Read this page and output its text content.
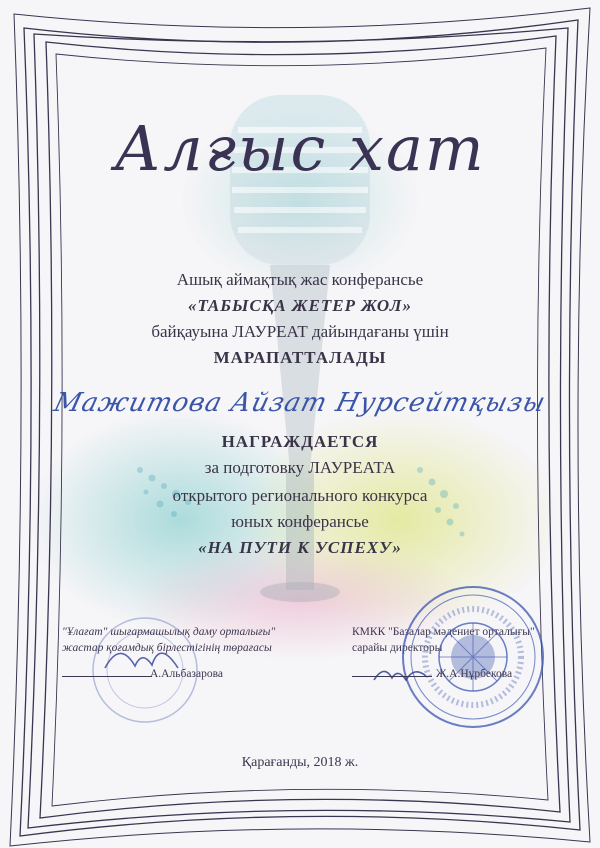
Алғыс хат
Ашық аймақтық жас конферансье
«ТАБЫСҚА ЖЕТЕР ЖОЛ»
байқауына ЛАУРЕАТ дайындағаны үшін
МАРАПАТТАЛАДЫ
Мажитова Айзат Нурсейтқызы
НАГРАЖДАЕТСЯ
за подготовку ЛАУРЕАТА
открытого регионального конкурса
юных конферансье
«НА ПУТИ К УСПЕХУ»
"Ұлағат" шығармашылық даму орталығы"
жастар қоғамдық бірлестігінің төрағасы
А.Альбазарова
КМКК "Базалар мәдениет орталығы"
сарайы директоры
Ж.А.Нұрбекова
Қарағанды, 2018 ж.
